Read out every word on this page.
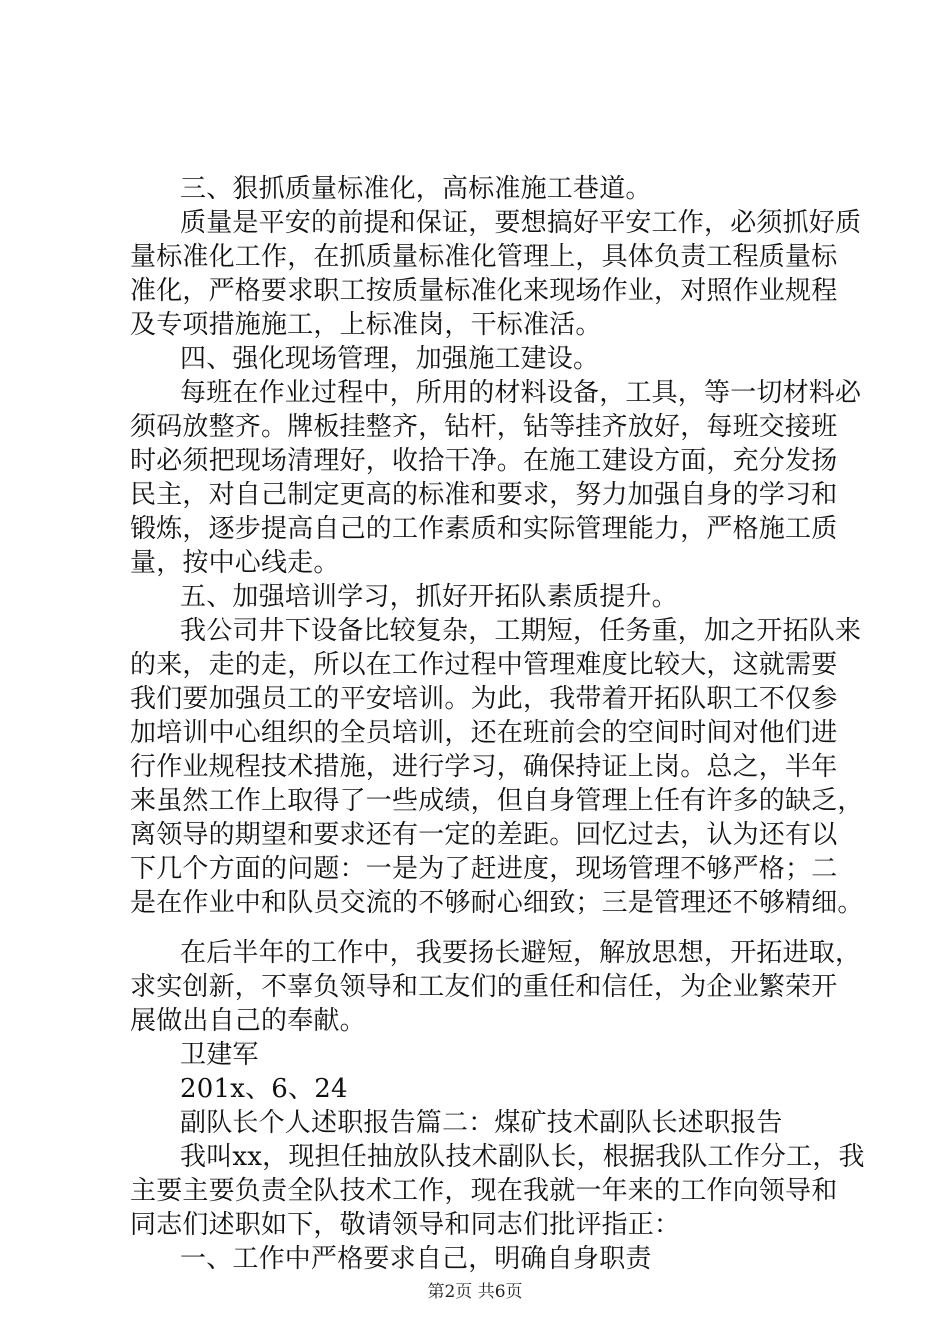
三、狠抓质量标准化，高标准施工巷道。
质量是平安的前提和保证，要想搞好平安工作，必须抓好质
量标准化工作，在抓质量标准化管理上，具体负责工程质量标
准化，严格要求职工按质量标准化来现场作业，对照作业规程
及专项措施施工，上标准岗，干标准活。
四、强化现场管理，加强施工建设。
每班在作业过程中，所用的材料设备，工具，等一切材料必
须码放整齐。牌板挂整齐，钻杆，钻等挂齐放好，每班交接班
时必须把现场清理好，收拾干净。在施工建设方面，充分发扬
民主，对自己制定更高的标准和要求，努力加强自身的学习和
锻炼，逐步提高自己的工作素质和实际管理能力，严格施工质
量，按中心线走。
五、加强培训学习，抓好开拓队素质提升。
我公司井下设备比较复杂，工期短，任务重，加之开拓队来
的来，走的走，所以在工作过程中管理难度比较大，这就需要
我们要加强员工的平安培训。为此，我带着开拓队职工不仅参
加培训中心组织的全员培训，还在班前会的空间时间对他们进
行作业规程技术措施，进行学习，确保持证上岗。总之，半年
来虽然工作上取得了一些成绩，但自身管理上任有许多的缺乏，
离领导的期望和要求还有一定的差距。回忆过去，认为还有以
下几个方面的问题：一是为了赶进度，现场管理不够严格；二
是在作业中和队员交流的不够耐心细致；三是管理还不够精细。
在后半年的工作中，我要扬长避短，解放思想，开拓进取，
求实创新，不辜负领导和工友们的重任和信任，为企业繁荣开
展做出自己的奉献。
卫建军
201x、6、24
副队长个人述职报告篇二：煤矿技术副队长述职报告
我叫xx，现担任抽放队技术副队长，根据我队工作分工，我
主要主要负责全队技术工作，现在我就一年来的工作向领导和
同志们述职如下，敬请领导和同志们批评指正：
一、工作中严格要求自己，明确自身职责
第2页 共6页
